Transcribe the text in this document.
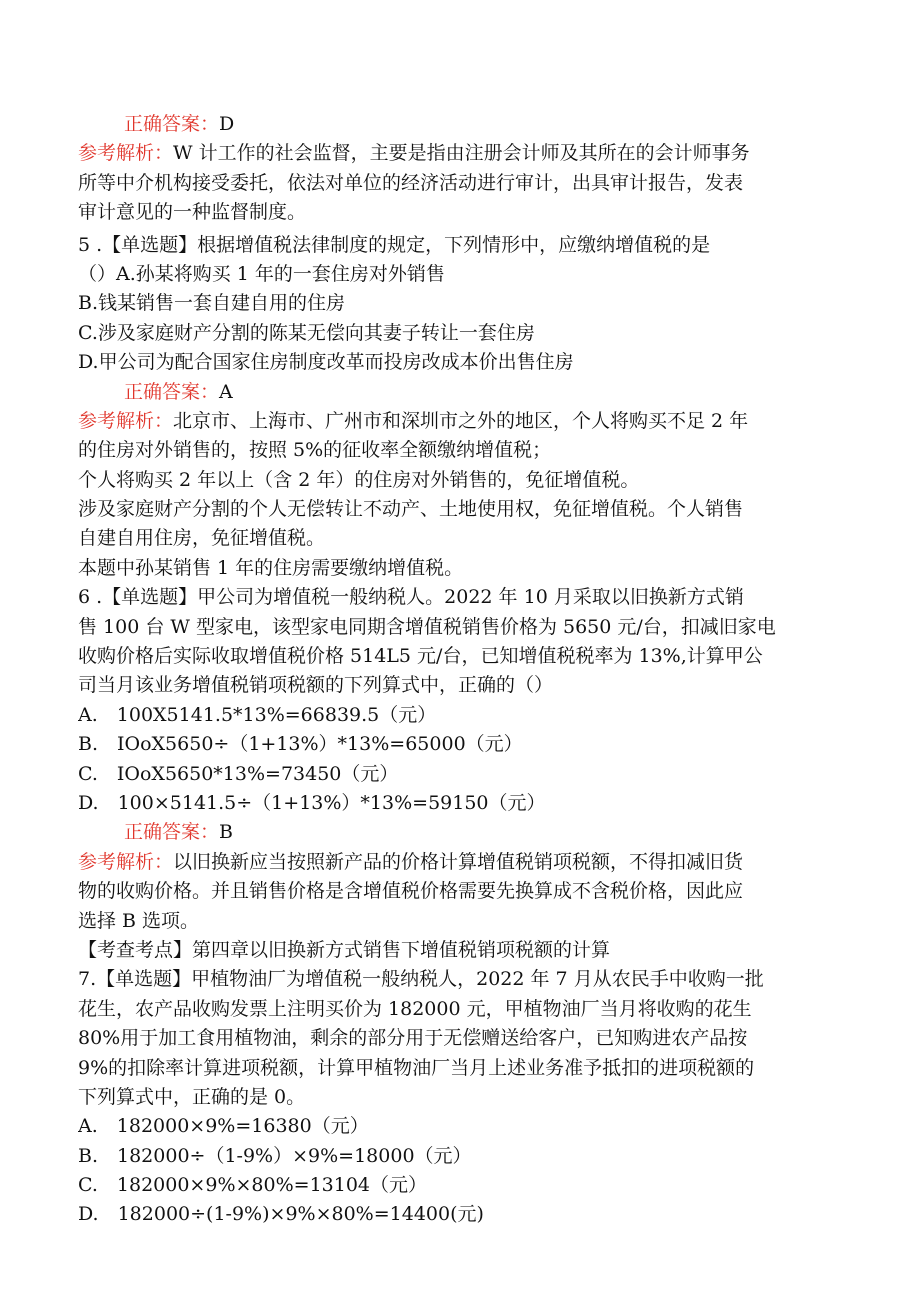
正确答案：D
参考解析：W 计工作的社会监督，主要是指由注册会计师及其所在的会计师事务
所等中介机构接受委托，依法对单位的经济活动进行审计，出具审计报告，发表
审计意见的一种监督制度。
5 .【单选题】根据增值税法律制度的规定，下列情形中，应缴纳增值税的是
（）A.孙某将购买 1 年的一套住房对外销售
B.钱某销售一套自建自用的住房
C.涉及家庭财产分割的陈某无偿向其妻子转让一套住房
D.甲公司为配合国家住房制度改革而投房改成本价出售住房
正确答案：A
参考解析：北京市、上海市、广州市和深圳市之外的地区，个人将购买不足 2 年
的住房对外销售的，按照 5%的征收率全额缴纳增值税；
个人将购买 2 年以上（含 2 年）的住房对外销售的，免征增值税。
涉及家庭财产分割的个人无偿转让不动产、土地使用权，免征增值税。个人销售
自建自用住房，免征增值税。
本题中孙某销售 1 年的住房需要缴纳增值税。
6 .【单选题】甲公司为增值税一般纳税人。2022 年 10 月采取以旧换新方式销
售 100 台 W 型家电，该型家电同期含增值税销售价格为 5650 元/台，扣减旧家电
收购价格后实际收取增值税价格 514L5 元/台，已知增值税税率为 13%,计算甲公
司当月该业务增值税销项税额的下列算式中，正确的（）
A.　100X5141.5*13%=66839.5（元）
B.　IOoX5650÷（1+13%）*13%=65000（元）
C.　IOoX5650*13%=73450（元）
D.　100×5141.5÷（1+13%）*13%=59150（元）
正确答案：B
参考解析：以旧换新应当按照新产品的价格计算增值税销项税额，不得扣减旧货
物的收购价格。并且销售价格是含增值税价格需要先换算成不含税价格，因此应
选择 B 选项。
【考查考点】第四章以旧换新方式销售下增值税销项税额的计算
7.【单选题】甲植物油厂为增值税一般纳税人，2022 年 7 月从农民手中收购一批
花生，农产品收购发票上注明买价为 182000 元，甲植物油厂当月将收购的花生
80%用于加工食用植物油，剩余的部分用于无偿赠送给客户，已知购进农产品按
9%的扣除率计算进项税额，计算甲植物油厂当月上述业务准予抵扣的进项税额的
下列算式中，正确的是 0。
A.　182000×9%=16380（元）
B.　182000÷（1-9%）×9%=18000（元）
C.　182000×9%×80%=13104（元）
D.　182000÷(1-9%)×9%×80%=14400(元)
